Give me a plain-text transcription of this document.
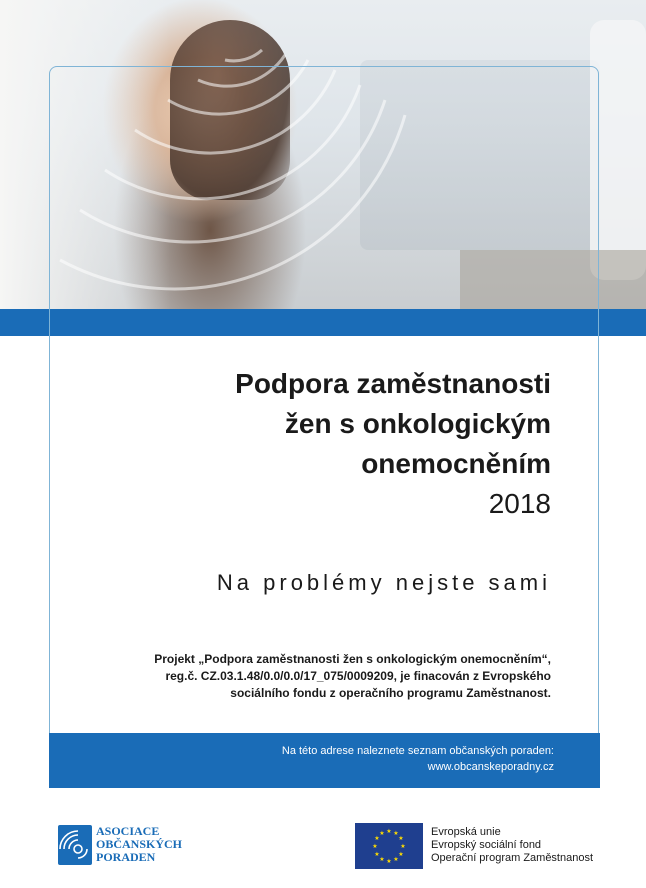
Podpora zaměstnanosti
žen s onkologickým
onemocněním
2018
Na problémy nejste sami
Projekt „Podpora zaměstnanosti žen s onkologickým onemocněním“,
reg.č. CZ.03.1.48/0.0/0.0/17_075/0009209, je finacován z Evropského
sociálního fondu z operačního programu Zaměstnanost.
Na této adrese naleznete seznam občanských poraden:
www.obcanskeporadny.cz
ASOCIACE
OBČANSKÝCH
PORADEN
★ ★
★
★
★
★
★
★
★
★
★
★	Evropská unie
Evropský sociální fond
Operační program Zaměstnanost
